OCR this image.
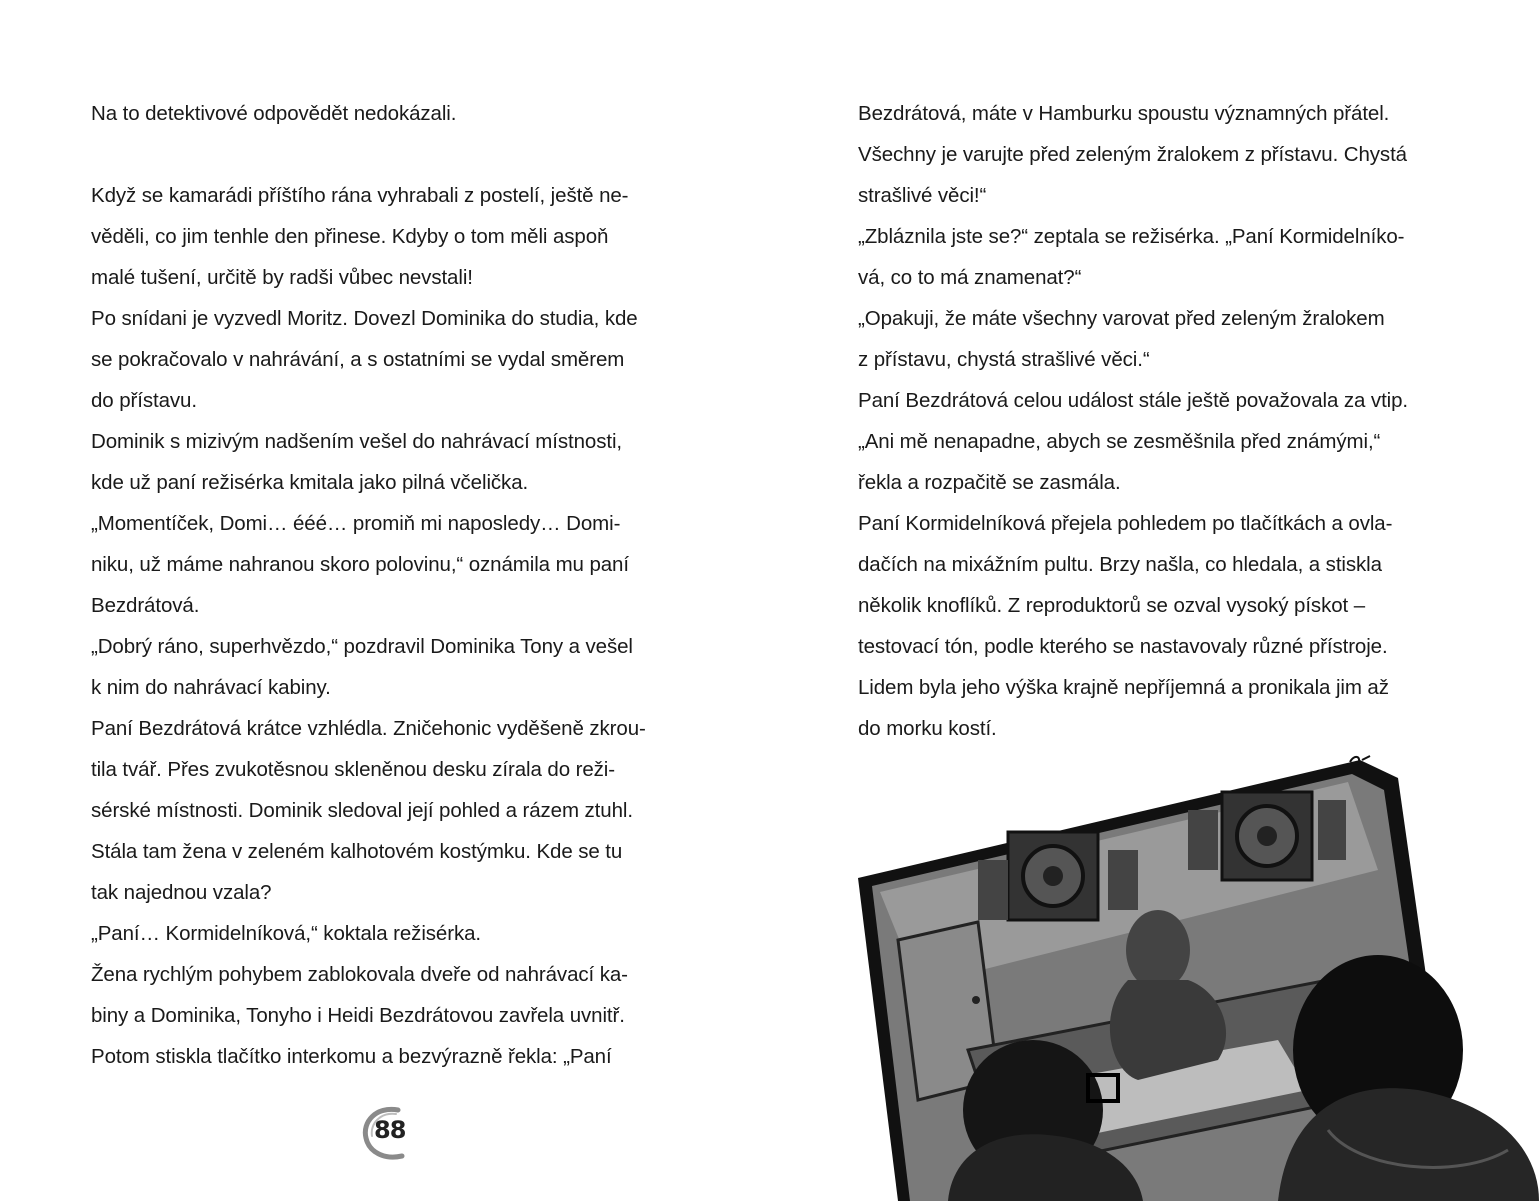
Na to detektivové odpovědět nedokázali.
Když se kamarádi příštího rána vyhrabali z postelí, ještě ne-
věděli, co jim tenhle den přinese. Kdyby o tom měli aspoň
malé tušení, určitě by radši vůbec nevstali!
Po snídani je vyzvedl Moritz. Dovezl Dominika do studia, kde
se pokračovalo v nahrávání, a s ostatními se vydal směrem
do přístavu.
Dominik s mizivým nadšením vešel do nahrávací místnosti,
kde už paní režisérka kmitala jako pilná včelička.
„Momentíček, Domi… ééé… promiň mi naposledy… Domi-
niku, už máme nahranou skoro polovinu,“ oznámila mu paní
Bezdrátová.
„Dobrý ráno, superhvězdo,“ pozdravil Dominika Tony a vešel
k nim do nahrávací kabiny.
Paní Bezdrátová krátce vzhlédla. Zničehonic vyděšeně zkrou-
tila tvář. Přes zvukotěsnou skleněnou desku zírala do reži-
sérské místnosti. Dominik sledoval její pohled a rázem ztuhl.
Stála tam žena v zeleném kalhotovém kostýmku. Kde se tu
tak najednou vzala?
„Paní… Kormidelníková,“ koktala režisérka.
Žena rychlým pohybem zablokovala dveře od nahrávací ka-
biny a Dominika, Tonyho i Heidi Bezdrátovou zavřela uvnitř.
Potom stiskla tlačítko interkomu a bezvýrazně řekla: „Paní
Bezdrátová, máte v Hamburku spoustu významných přátel.
Všechny je varujte před zeleným žralokem z přístavu. Chystá
strašlivé věci!“
„Zbláznila jste se?“ zeptala se režisérka. „Paní Kormidelníko-
vá, co to má znamenat?“
„Opakuji, že máte všechny varovat před zeleným žralokem
z přístavu, chystá strašlivé věci.“
Paní Bezdrátová celou událost stále ještě považovala za vtip.
„Ani mě nenapadne, abych se zesměšnila před známými,“
řekla a rozpačitě se zasmála.
Paní Kormidelníková přejela pohledem po tlačítkách a ovla-
dačích na mixážním pultu. Brzy našla, co hledala, a stiskla
několik knoflíků. Z reproduktorů se ozval vysoký pískot –
testovací tón, podle kterého se nastavovaly různé přístroje.
Lidem byla jeho výška krajně nepříjemná a pronikala jim až
do morku kostí.
88
